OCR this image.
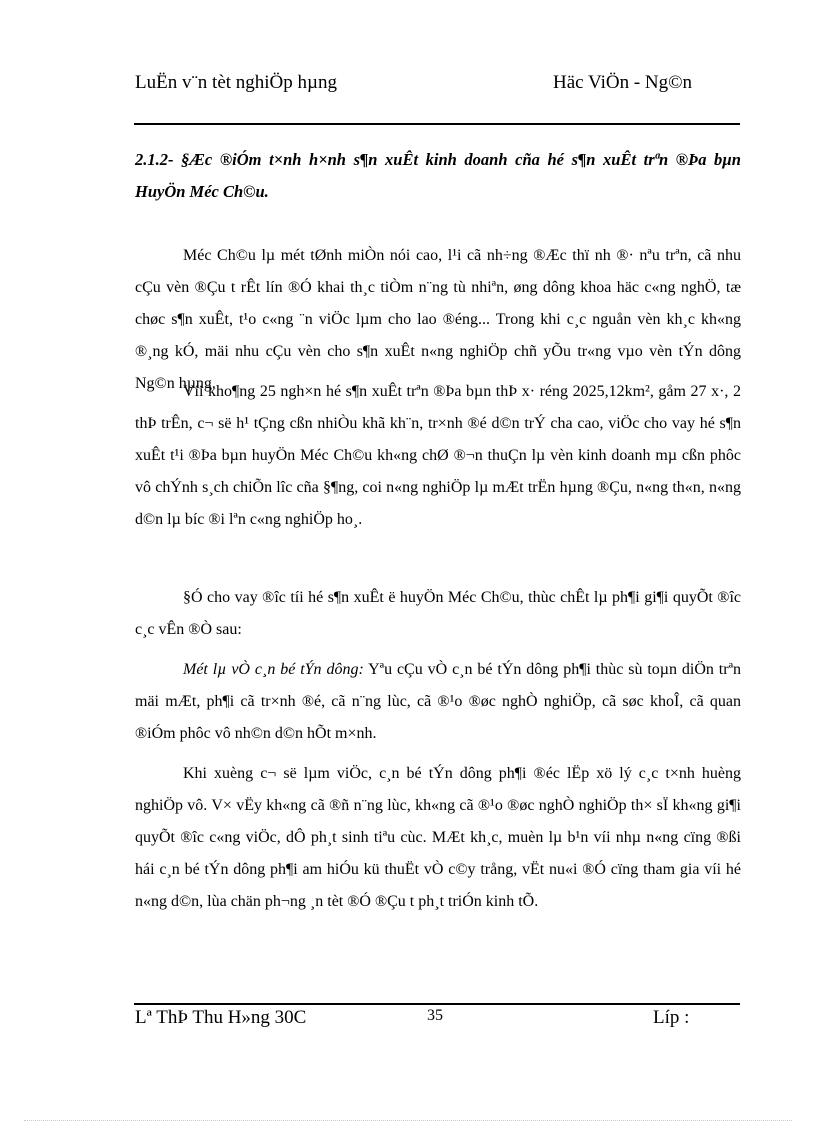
LuËn v¨n tèt nghiÖp hµng	Häc ViÖn - Ng©n
2.1.2- §Æc ®iÓm t×nh h×nh s¶n xuÊt kinh doanh cña hé s¶n xuÊt trªn ®Þa bµn HuyÖn Méc Ch©u.
Méc Ch©u lµ mét tØnh miÒn nói cao, l¹i cã nh÷ng ®Æc thï nh ®· nªu trªn, cã nhu cÇu vèn ®Çu t rÊt lín ®Ó khai th¸c tiÒm n¨ng tù nhiªn, øng dông khoa häc c«ng nghÖ, tæ chøc s¶n xuÊt, t¹o c«ng ¨n viÖc lµm cho lao ®éng... Trong khi c¸c nguån vèn kh¸c kh«ng ®¸ng kÓ, mäi nhu cÇu vèn cho s¶n xuÊt n«ng nghiÖp chñ yÕu tr«ng vµo vèn tÝn dông Ng©n hµng.
Víi kho¶ng 25 ngh×n hé s¶n xuÊt trªn ®Þa bµn thÞ x· réng 2025,12km², gåm 27 x·, 2 thÞ trÊn, c¬ së h¹ tÇng cßn nhiÒu khã kh¨n, tr×nh ®é d©n trÝ cha cao, viÖc cho vay hé s¶n xuÊt t¹i ®Þa bµn huyÖn Méc Ch©u kh«ng chØ ®¬n thuÇn lµ vèn kinh doanh mµ cßn phôc vô chÝnh s¸ch chiÕn lîc cña §¶ng, coi n«ng nghiÖp lµ mÆt trËn hµng ®Çu, n«ng th«n, n«ng d©n lµ bíc ®i lªn c«ng nghiÖp ho¸.
§Ó cho vay ®îc tíi hé s¶n xuÊt ë huyÖn Méc Ch©u, thùc chÊt lµ ph¶i gi¶i quyÕt ®îc c¸c vÊn ®Ò sau:
Mét lµ vÒ c¸n bé tÝn dông: Yªu cÇu vÒ c¸n bé tÝn dông ph¶i thùc sù toµn diÖn trªn mäi mÆt, ph¶i cã tr×nh ®é, cã n¨ng lùc, cã ®¹o ®øc nghÒ nghiÖp, cã søc khoÎ, cã quan ®iÓm phôc vô nh©n d©n hÕt m×nh.
Khi xuèng c¬ së lµm viÖc, c¸n bé tÝn dông ph¶i ®éc lËp xö lý c¸c t×nh huèng nghiÖp vô. V× vËy kh«ng cã ®ñ n¨ng lùc, kh«ng cã ®¹o ®øc nghÒ nghiÖp th× sÏ kh«ng gi¶i quyÕt ®îc c«ng viÖc, dÔ ph¸t sinh tiªu cùc. MÆt kh¸c, muèn lµ b¹n víi nhµ n«ng cïng ®ßi hái c¸n bé tÝn dông ph¶i am hiÓu kü thuËt vÒ c©y trång, vËt nu«i ®Ó cïng tham gia víi hé n«ng d©n, lùa chän ph¬ng ¸n tèt ®Ó ®Çu t ph¸t triÓn kinh tÕ.
Lª ThÞ Thu H»ng 30C	35	Líp :
